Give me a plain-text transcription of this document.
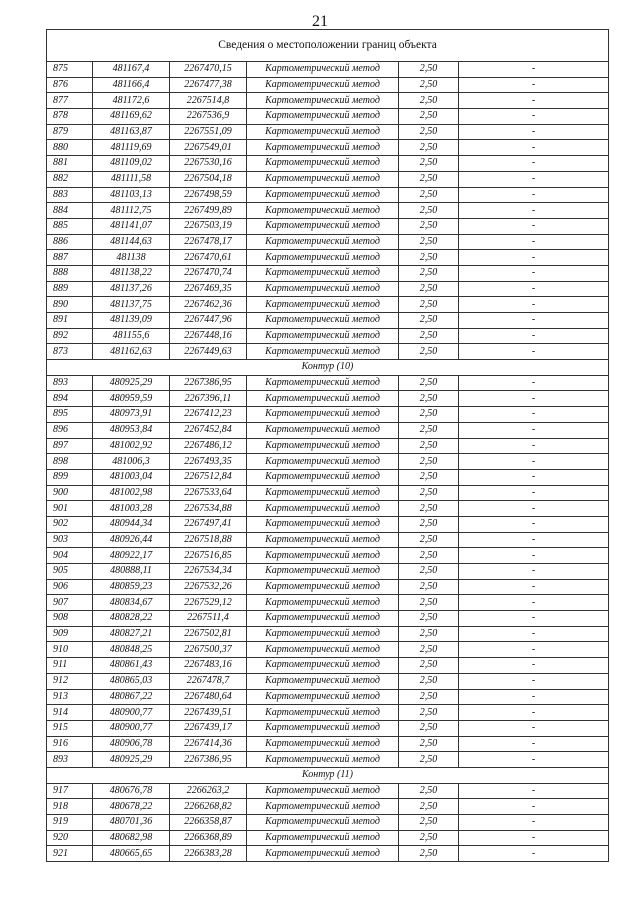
21
Сведения о местоположении границ объекта					
875	481167,4	2267470,15	Картометрический метод	2,50	-
876	481166,4	2267477,38	Картометрический метод	2,50	-
877	481172,6	2267514,8	Картометрический метод	2,50	-
878	481169,62	2267536,9	Картометрический метод	2,50	-
879	481163,87	2267551,09	Картометрический метод	2,50	-
880	481119,69	2267549,01	Картометрический метод	2,50	-
881	481109,02	2267530,16	Картометрический метод	2,50	-
882	481111,58	2267504,18	Картометрический метод	2,50	-
883	481103,13	2267498,59	Картометрический метод	2,50	-
884	481112,75	2267499,89	Картометрический метод	2,50	-
885	481141,07	2267503,19	Картометрический метод	2,50	-
886	481144,63	2267478,17	Картометрический метод	2,50	-
887	481138	2267470,61	Картометрический метод	2,50	-
888	481138,22	2267470,74	Картометрический метод	2,50	-
889	481137,26	2267469,35	Картометрический метод	2,50	-
890	481137,75	2267462,36	Картометрический метод	2,50	-
891	481139,09	2267447,96	Картометрический метод	2,50	-
892	481155,6	2267448,16	Картометрический метод	2,50	-
873	481162,63	2267449,63	Картометрический метод	2,50	-
Контур (10)					
893	480925,29	2267386,95	Картометрический метод	2,50	-
894	480959,59	2267396,11	Картометрический метод	2,50	-
895	480973,91	2267412,23	Картометрический метод	2,50	-
896	480953,84	2267452,84	Картометрический метод	2,50	-
897	481002,92	2267486,12	Картометрический метод	2,50	-
898	481006,3	2267493,35	Картометрический метод	2,50	-
899	481003,04	2267512,84	Картометрический метод	2,50	-
900	481002,98	2267533,64	Картометрический метод	2,50	-
901	481003,28	2267534,88	Картометрический метод	2,50	-
902	480944,34	2267497,41	Картометрический метод	2,50	-
903	480926,44	2267518,88	Картометрический метод	2,50	-
904	480922,17	2267516,85	Картометрический метод	2,50	-
905	480888,11	2267534,34	Картометрический метод	2,50	-
906	480859,23	2267532,26	Картометрический метод	2,50	-
907	480834,67	2267529,12	Картометрический метод	2,50	-
908	480828,22	2267511,4	Картометрический метод	2,50	-
909	480827,21	2267502,81	Картометрический метод	2,50	-
910	480848,25	2267500,37	Картометрический метод	2,50	-
911	480861,43	2267483,16	Картометрический метод	2,50	-
912	480865,03	2267478,7	Картометрический метод	2,50	-
913	480867,22	2267480,64	Картометрический метод	2,50	-
914	480900,77	2267439,51	Картометрический метод	2,50	-
915	480900,77	2267439,17	Картометрический метод	2,50	-
916	480906,78	2267414,36	Картометрический метод	2,50	-
893	480925,29	2267386,95	Картометрический метод	2,50	-
Контур (11)					
917	480676,78	2266263,2	Картометрический метод	2,50	-
918	480678,22	2266268,82	Картометрический метод	2,50	-
919	480701,36	2266358,87	Картометрический метод	2,50	-
920	480682,98	2266368,89	Картометрический метод	2,50	-
921	480665,65	2266383,28	Картометрический метод	2,50	-
